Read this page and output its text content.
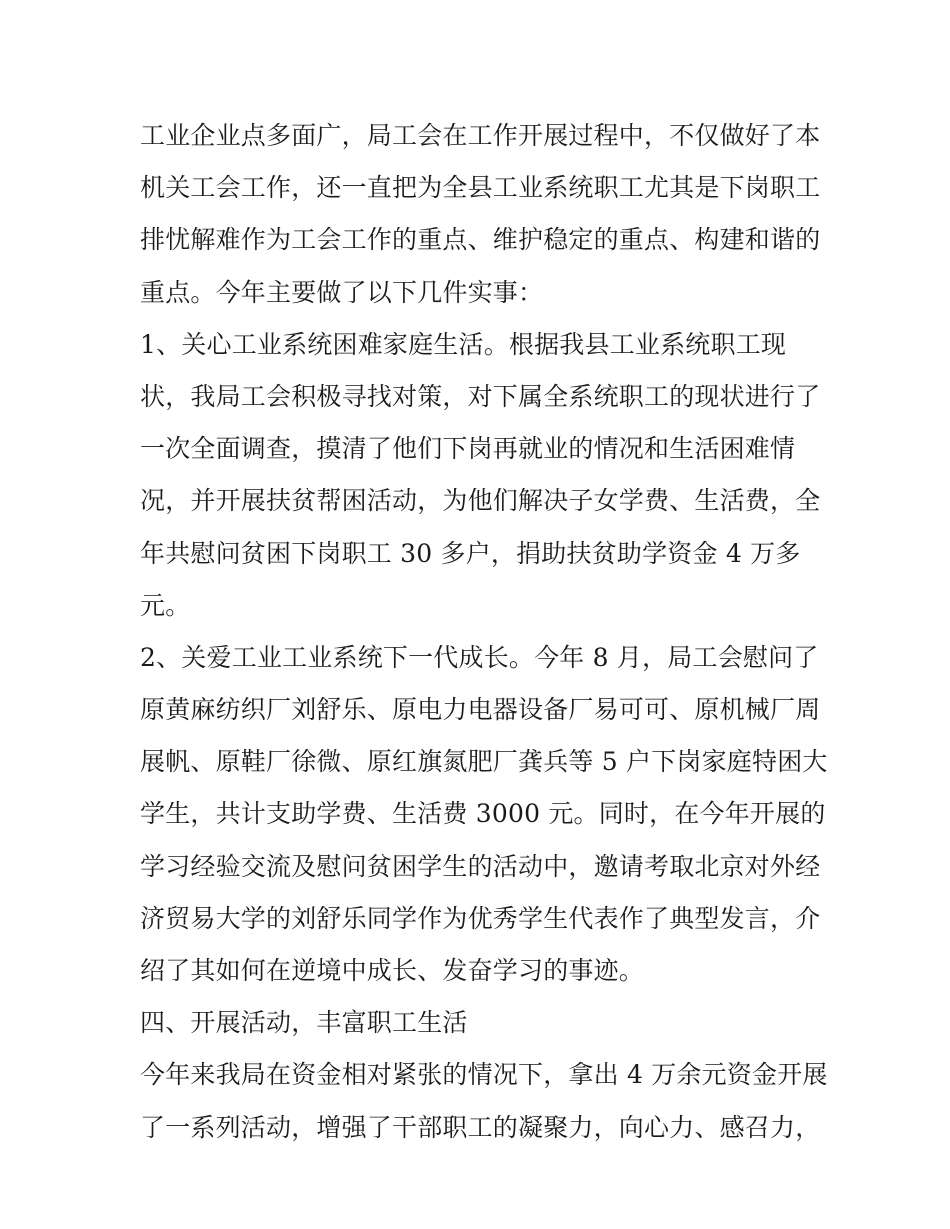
工业企业点多面广，局工会在工作开展过程中，不仅做好了本
机关工会工作，还一直把为全县工业系统职工尤其是下岗职工
排忧解难作为工会工作的重点、维护稳定的重点、构建和谐的
重点。今年主要做了以下几件实事：
1、关心工业系统困难家庭生活。根据我县工业系统职工现
状，我局工会积极寻找对策，对下属全系统职工的现状进行了
一次全面调查，摸清了他们下岗再就业的情况和生活困难情
况，并开展扶贫帮困活动，为他们解决子女学费、生活费，全
年共慰问贫困下岗职工 30 多户，捐助扶贫助学资金 4 万多
元。
2、关爱工业工业系统下一代成长。今年 8 月，局工会慰问了
原黄麻纺织厂刘舒乐、原电力电器设备厂易可可、原机械厂周
展帆、原鞋厂徐微、原红旗氮肥厂龚兵等 5 户下岗家庭特困大
学生，共计支助学费、生活费 3000 元。同时，在今年开展的
学习经验交流及慰问贫困学生的活动中，邀请考取北京对外经
济贸易大学的刘舒乐同学作为优秀学生代表作了典型发言，介
绍了其如何在逆境中成长、发奋学习的事迹。
四、开展活动，丰富职工生活
今年来我局在资金相对紧张的情况下，拿出 4 万余元资金开展
了一系列活动，增强了干部职工的凝聚力，向心力、感召力，
